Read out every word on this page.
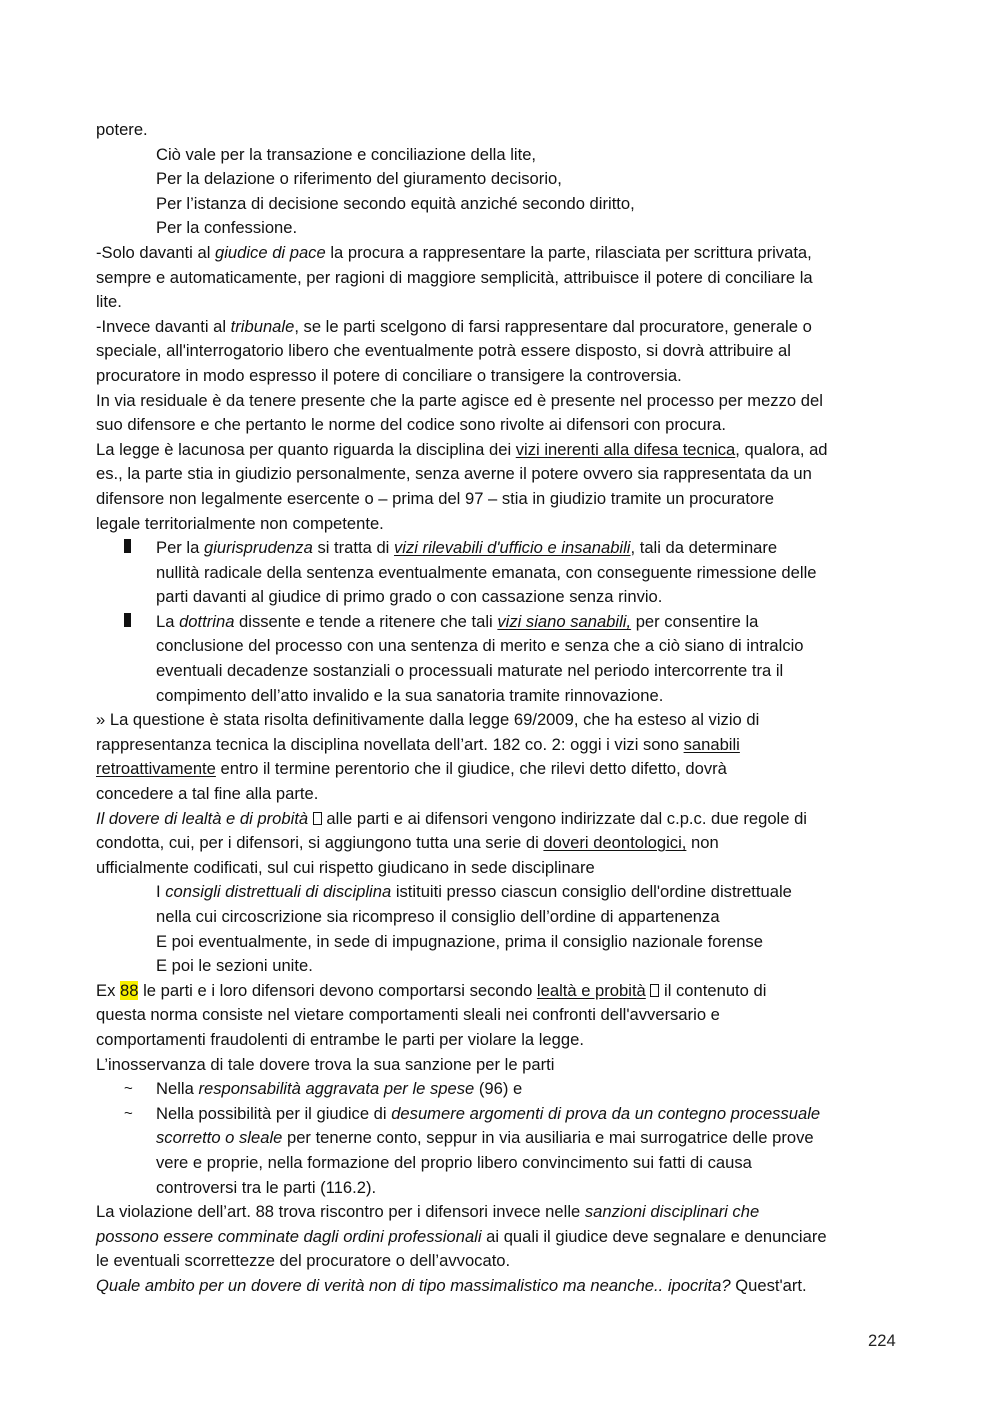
potere.
Ciò vale per la transazione e conciliazione della lite,
Per la delazione o riferimento del giuramento decisorio,
Per l’istanza di decisione secondo equità anziché secondo diritto,
Per la confessione.
-Solo davanti al giudice di pace la procura a rappresentare la parte, rilasciata per scrittura privata,
sempre e automaticamente, per ragioni di maggiore semplicità, attribuisce il potere di conciliare la
lite.
-Invece davanti al tribunale, se le parti scelgono di farsi rappresentare dal procuratore, generale o
speciale, all'interrogatorio libero che eventualmente potrà essere disposto, si dovrà attribuire al
procuratore in modo espresso il potere di conciliare o transigere la controversia.
In via residuale è da tenere presente che la parte agisce ed è presente nel processo per mezzo del
suo difensore e che pertanto le norme del codice sono rivolte ai difensori con procura.
La legge è lacunosa per quanto riguarda la disciplina dei vizi inerenti alla difesa tecnica, qualora, ad
es., la parte stia in giudizio personalmente, senza averne il potere ovvero sia rappresentata da un
difensore non legalmente esercente o – prima del 97 – stia in giudizio tramite un procuratore
legale territorialmente non competente.
Per la giurisprudenza si tratta di vizi rilevabili d'ufficio e insanabili, tali da determinare
nullità radicale della sentenza eventualmente emanata, con conseguente rimessione delle
parti davanti al giudice di primo grado o con cassazione senza rinvio.
La dottrina dissente e tende a ritenere che tali vizi siano sanabili, per consentire la
conclusione del processo con una sentenza di merito e senza che a ciò siano di intralcio
eventuali decadenze sostanziali o processuali maturate nel periodo intercorrente tra il
compimento dell’atto invalido e la sua sanatoria tramite rinnovazione.
» La questione è stata risolta definitivamente dalla legge 69/2009, che ha esteso al vizio di
rappresentanza tecnica la disciplina novellata dell’art. 182 co. 2: oggi i vizi sono sanabili
retroattivamente entro il termine perentorio che il giudice, che rilevi detto difetto, dovrà
concedere a tal fine alla parte.
Il dovere di lealtà e di probità  alle parti e ai difensori vengono indirizzate dal c.p.c. due regole di
condotta, cui, per i difensori, si aggiungono tutta una serie di doveri deontologici, non
ufficialmente codificati, sul cui rispetto giudicano in sede disciplinare
I consigli distrettuali di disciplina istituiti presso ciascun consiglio dell'ordine distrettuale
nella cui circoscrizione sia ricompreso il consiglio dell’ordine di appartenenza
E poi eventualmente, in sede di impugnazione, prima il consiglio nazionale forense
E poi le sezioni unite.
Ex 88 le parti e i loro difensori devono comportarsi secondo lealtà e probità  il contenuto di
questa norma consiste nel vietare comportamenti sleali nei confronti dell'avversario e
comportamenti fraudolenti di entrambe le parti per violare la legge.
L’inosservanza di tale dovere trova la sua sanzione per le parti
~ Nella responsabilità aggravata per le spese (96) e
~ Nella possibilità per il giudice di desumere argomenti di prova da un contegno processuale
scorretto o sleale per tenerne conto, seppur in via ausiliaria e mai surrogatrice delle prove
vere e proprie, nella formazione del proprio libero convincimento sui fatti di causa
controversi tra le parti (116.2).
La violazione dell’art. 88 trova riscontro per i difensori invece nelle sanzioni disciplinari che
possono essere comminate dagli ordini professionali ai quali il giudice deve segnalare e denunciare
le eventuali scorrettezze del procuratore o dell’avvocato.
Quale ambito per un dovere di verità non di tipo massimalistico ma neanche.. ipocrita? Quest'art.
224
